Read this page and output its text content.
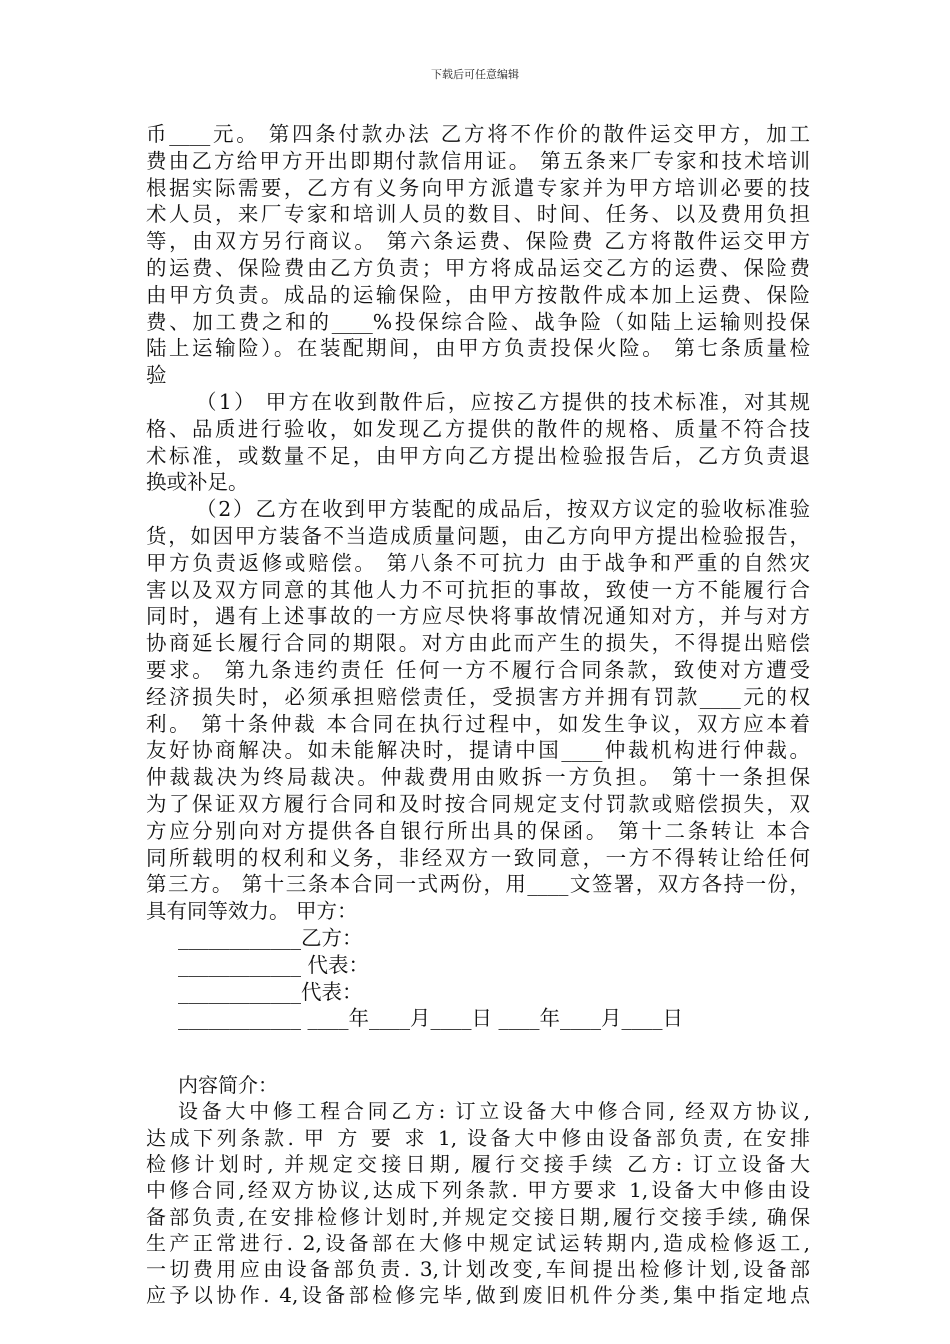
下载后可任意编辑
币____元。 第四条付款办法 乙方将不作价的散件运交甲方，加工
费由乙方给甲方开出即期付款信用证。 第五条来厂专家和技术培训
根据实际需要，乙方有义务向甲方派遣专家并为甲方培训必要的技
术人员，来厂专家和培训人员的数目、时间、任务、以及费用负担
等，由双方另行商议。 第六条运费、保险费 乙方将散件运交甲方
的运费、保险费由乙方负责；甲方将成品运交乙方的运费、保险费
由甲方负责。成品的运输保险，由甲方按散件成本加上运费、保险
费、加工费之和的____%投保综合险、战争险（如陆上运输则投保
陆上运输险）。在装配期间，由甲方负责投保火险。 第七条质量检
验
（1） 甲方在收到散件后，应按乙方提供的技术标准，对其规
格、品质进行验收，如发现乙方提供的散件的规格、质量不符合技
术标准，或数量不足，由甲方向乙方提出检验报告后，乙方负责退
换或补足。
（2）乙方在收到甲方装配的成品后，按双方议定的验收标准验
货，如因甲方装备不当造成质量问题，由乙方向甲方提出检验报告，
甲方负责返修或赔偿。 第八条不可抗力 由于战争和严重的自然灾
害以及双方同意的其他人力不可抗拒的事故，致使一方不能履行合
同时，遇有上述事故的一方应尽快将事故情况通知对方，并与对方
协商延长履行合同的期限。对方由此而产生的损失，不得提出赔偿
要求。 第九条违约责任 任何一方不履行合同条款，致使对方遭受
经济损失时，必须承担赔偿责任，受损害方并拥有罚款____元的权
利。 第十条仲裁 本合同在执行过程中，如发生争议，双方应本着
友好协商解决。如未能解决时，提请中国____仲裁机构进行仲裁。
仲裁裁决为终局裁决。仲裁费用由败拆一方负担。 第十一条担保
为了保证双方履行合同和及时按合同规定支付罚款或赔偿损失，双
方应分别向对方提供各自银行所出具的保函。 第十二条转让 本合
同所载明的权利和义务，非经双方一致同意，一方不得转让给任何
第三方。 第十三条本合同一式两份，用____文签署，双方各持一份，
具有同等效力。 甲方：
____________乙方：
____________ 代表：
____________代表：
____________ ____年____月____日 ____年____月____日
内容简介：
设备大中修工程合同乙方: 订立设备大中修合同, 经双方协议,
达成下列条款. 甲 方 要 求 1, 设备大中修由设备部负责, 在安排
检修计划时, 并规定交接日期, 履行交接手续 乙方: 订立设备大
中修合同,经双方协议,达成下列条款. 甲方要求 1,设备大中修由设
备部负责,在安排检修计划时,并规定交接日期,履行交接手续, 确保
生产正常进行. 2,设备部在大修中规定试运转期内,造成检修返工,
一切费用应由设备部负责. 3,计划改变,车间提出检修计划,设备部
应予以协作. 4,设备部检修完毕,做到废旧机件分类,集中指定地点
